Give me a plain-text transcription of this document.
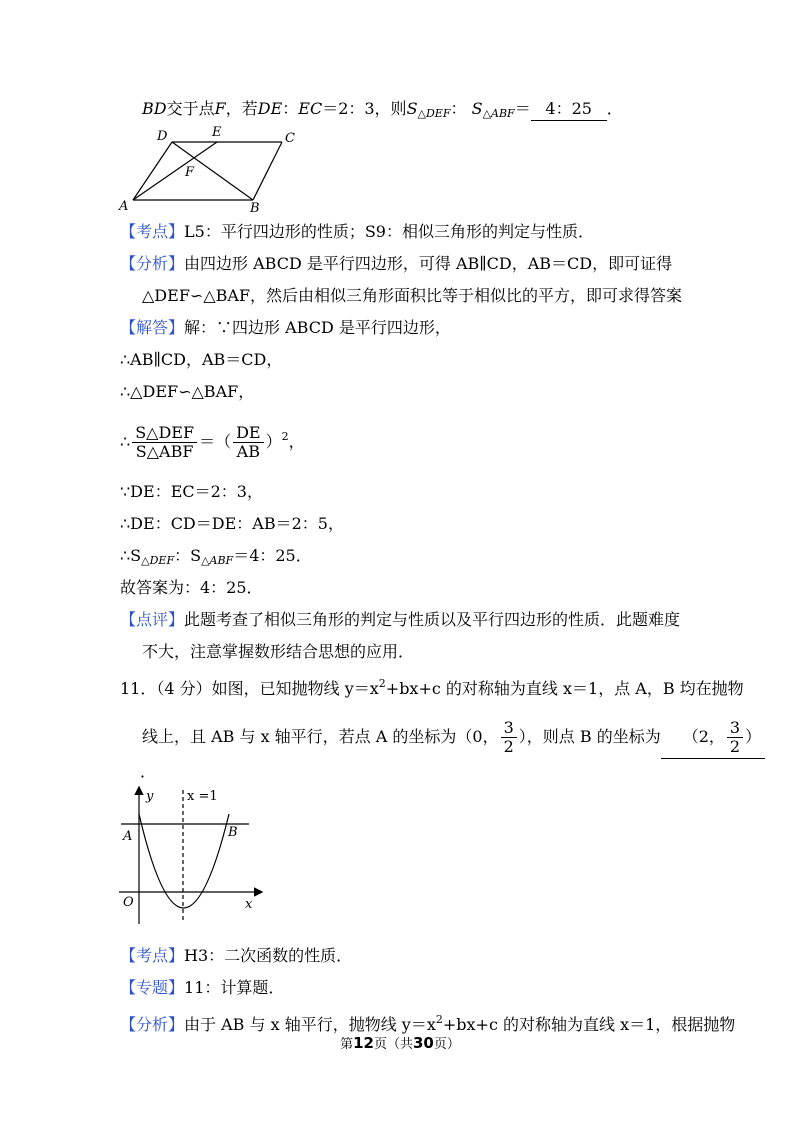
BD交于点F，若DE：EC＝2：3，则$S_{\triangle DEF}$： $S_{\triangle ABF}= 4$：25 ．
D	E	C
F
A	B
【考点】L5：平行四边形的性质；S9：相似三角形的判定与性质．
【分析】由四边形 ABCD 是平行四边形，可得 AB∥CD，AB＝CD，即可证得
△DEF∽△BAF，然后由相似三角形面积比等于相似比的平方，即可求得答案
【解答】解：∵四边形 ABCD 是平行四边形，
∴AB∥CD，AB＝CD，
∴△DEF∽△BAF，
∴ $\frac{\text{S△DEF}}{\text{S△ABF}}$ ＝（ $\frac{DE}{AB} )^2$，
∵DE：EC＝2：3，
∴DE：CD＝DE：AB＝2：5，
$\therefore S_{\triangle DEF}$：$S_{\triangle ABF}=4$：25．
故答案为：4：25．
【点评】此题考查了相似三角形的判定与性质以及平行四边形的性质．此题难度
不大，注意掌握数形结合思想的应用．
11．（4 分）如图，已知抛物线 $y=x^2+bx+c$ 的对称轴为直线 x＝1，点 A，B 均在抛物
线上，且 AB 与 x 轴平行，若点 A 的坐标为（0， $\frac{3}{2}$ ），则点 B 的坐标为 （2， $\frac{3}{2}$ ）
．
y	x =1
A	B
O	x
【考点】H3：二次函数的性质．
【专题】11：计算题．
【分析】由于 AB 与 x 轴平行，抛物线 $y=x^2+bx+c$ 的对称轴为直线 x＝1，根据抛物
第12页（共30页）
